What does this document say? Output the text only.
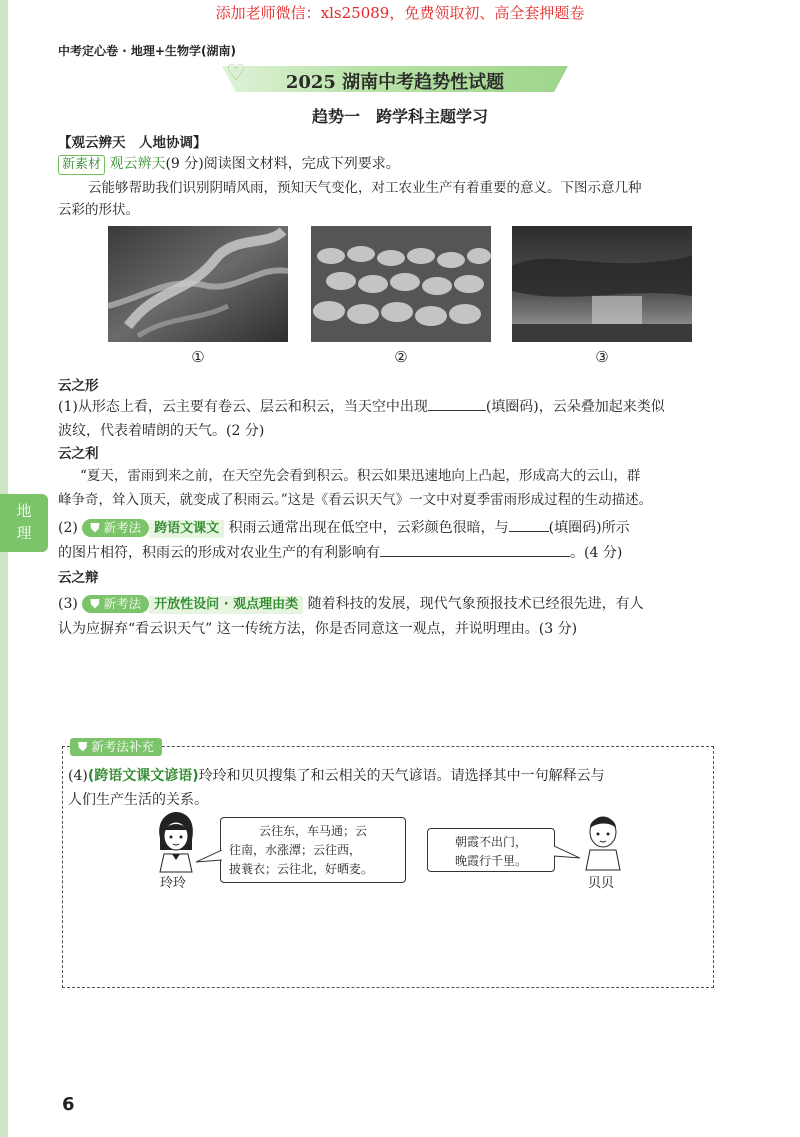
添加老师微信：xls25089，免费领取初、高全套押题卷
中考定心卷 · 地理+生物学(湖南)
♡	2025 湖南中考趋势性试题
趋势一　跨学科主题学习
【观云辨天　人地协调】
新素材 观云辨天(9 分)阅读图文材料，完成下列要求。
云能够帮助我们识别阴晴风雨，预知天气变化，对工农业生产有着重要的意义。下图示意几种
云彩的形状。
①	②	③
云之形
(1)从形态上看，云主要有卷云、层云和积云，当天空中出现	(填圈码)，云朵叠加起来类似
波纹，代表着晴朗的天气。(2 分)
云之利
“夏天，雷雨到来之前，在天空先会看到积云。积云如果迅速地向上凸起，形成高大的云山，群
峰争奇，耸入顶天，就变成了积雨云。”这是《看云识天气》一文中对夏季雷雨形成过程的生动描述。
地
理	(2) ⛊ 新考法 跨语文课文 积雨云通常出现在低空中，云彩颜色很暗，与	(填圈码)所示
的图片相符，积雨云的形成对农业生产的有利影响有	。(4 分)
云之辩
(3) ⛊ 新考法 开放性设问 · 观点理由类 随着科技的发展，现代气象预报技术已经很先进，有人
认为应摒弃“看云识天气” 这一传统方法，你是否同意这一观点，并说明理由。(3 分)
⛊ 新考法补充
(4)(跨语文课文谚语)玲玲和贝贝搜集了和云相关的天气谚语。请选择其中一句解释云与
人们生产生活的关系。
玲玲
云往东，车马通；云
往南，水涨潭；云往西，
披蓑衣；云往北，好晒麦。
朝霞不出门，
晚霞行千里。
贝贝
6
